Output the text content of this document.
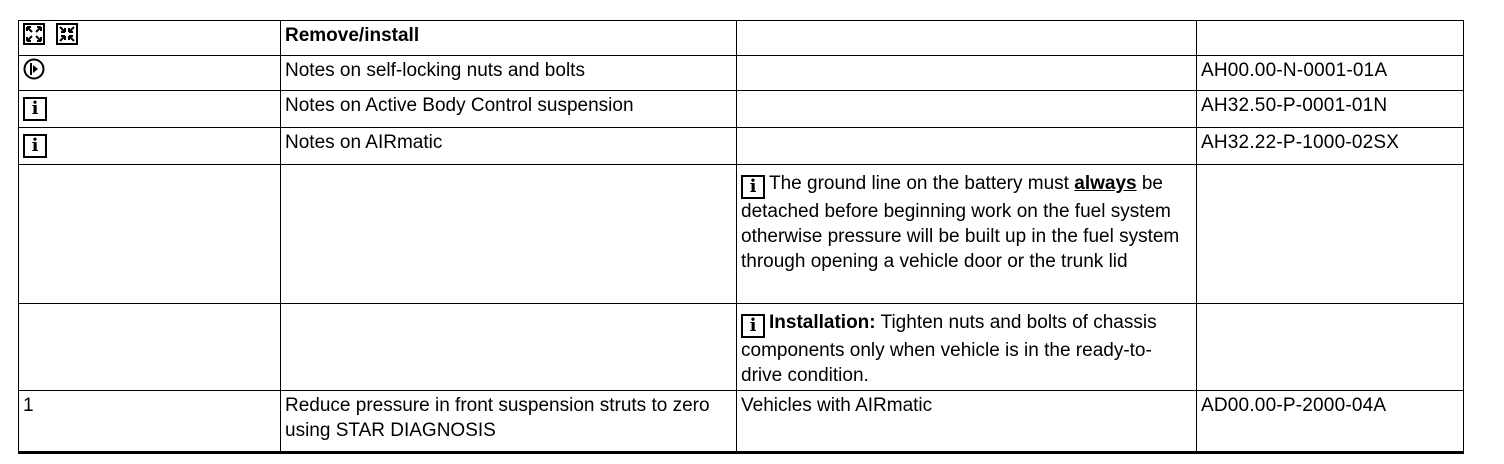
	Remove/install		
	Notes on self-locking nuts and bolts		AH00.00-N-0001-01A
i	Notes on Active Body Control suspension		AH32.50-P-0001-01N
i	Notes on AIRmatic		AH32.22-P-1000-02SX
		i The ground line on the battery must always be detached before beginning work on the fuel system otherwise pressure will be built up in the fuel system through opening a vehicle door or the trunk lid	
		i Installation: Tighten nuts and bolts of chassis components only when vehicle is in the ready-to-drive condition.	
1	Reduce pressure in front suspension struts to zero using STAR DIAGNOSIS	Vehicles with AIRmatic	AD00.00-P-2000-04A
